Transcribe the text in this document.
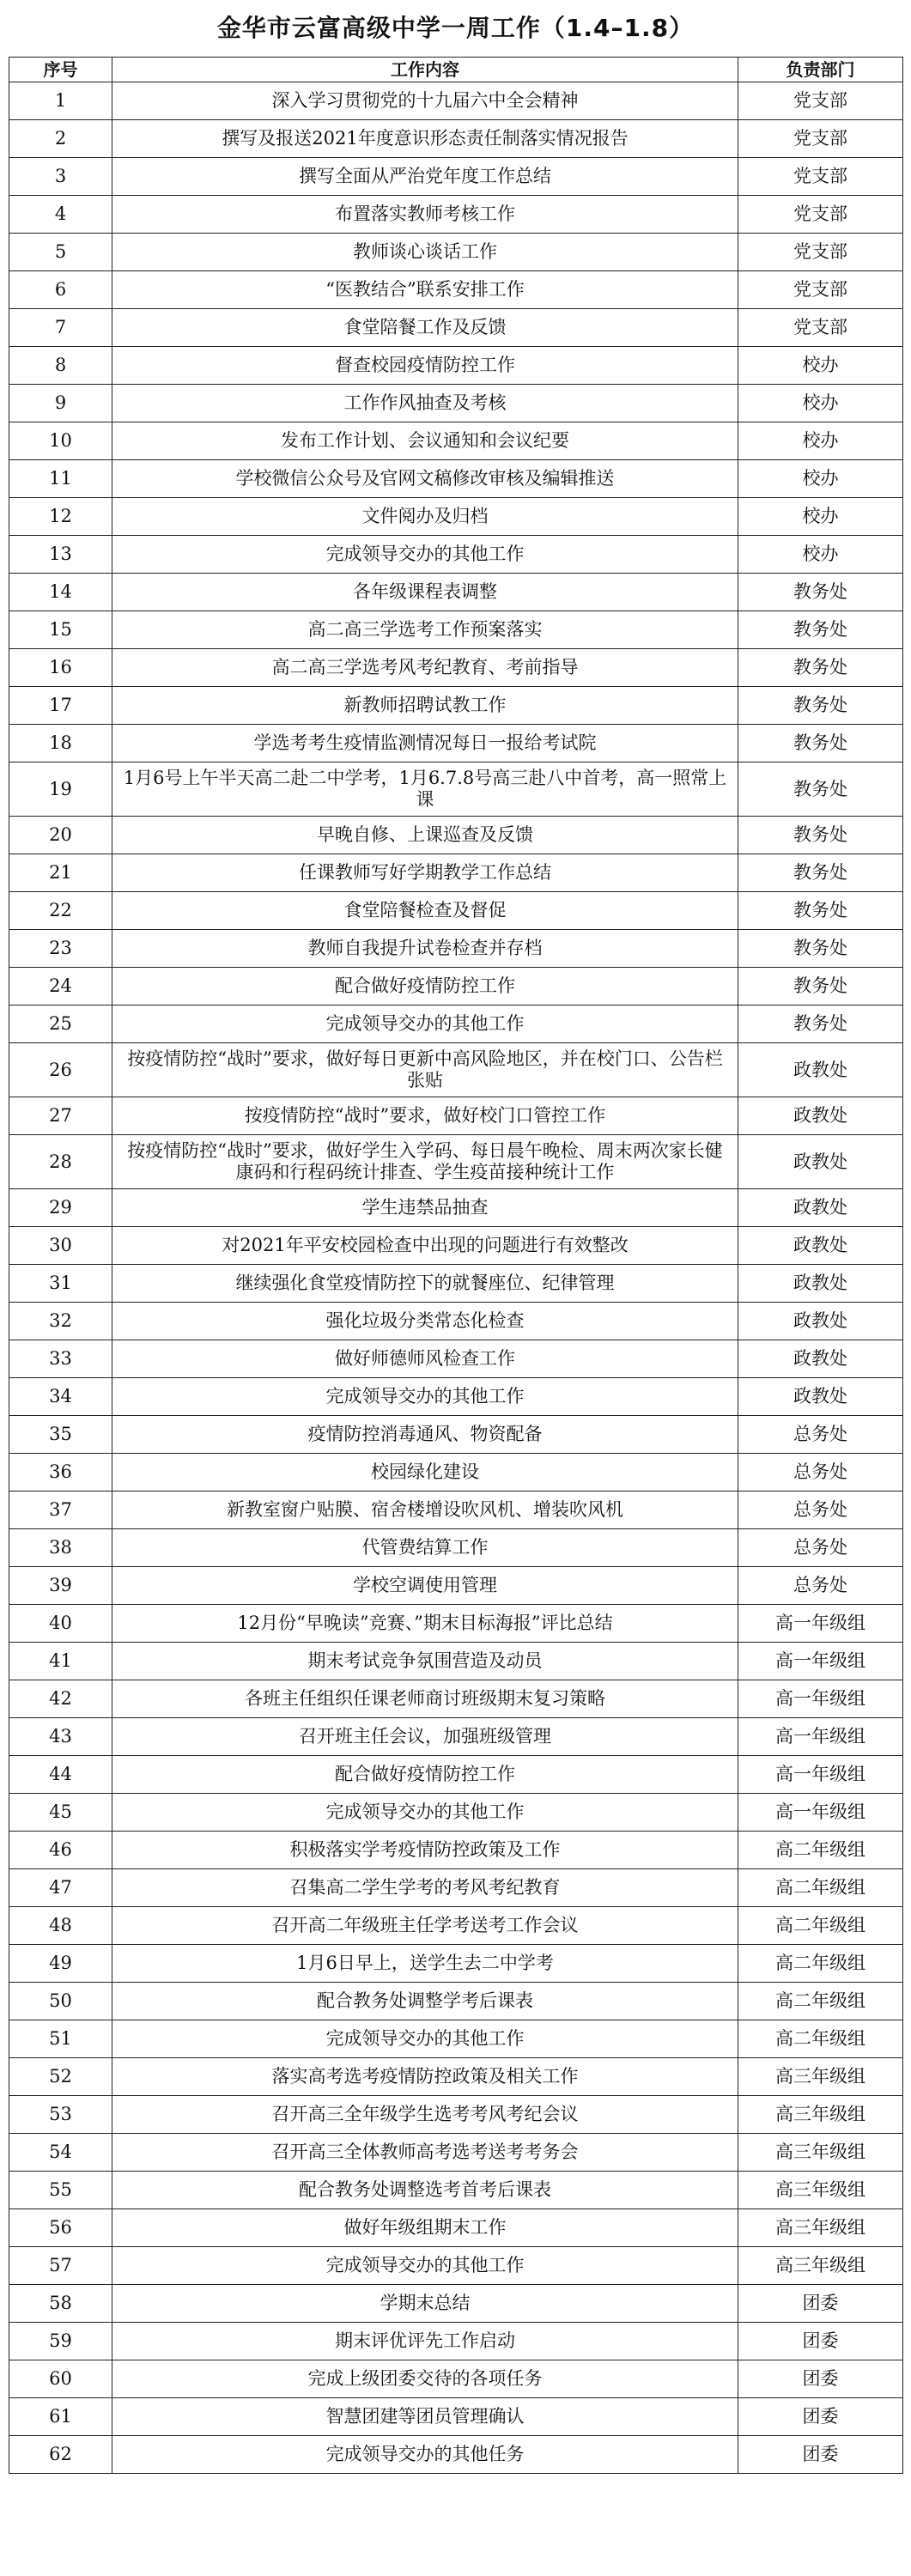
金华市云富高级中学一周工作（1.4–1.8）
序号	工作内容	负责部门
1	深入学习贯彻党的十九届六中全会精神	党支部
2	撰写及报送2021年度意识形态责任制落实情况报告	党支部
3	撰写全面从严治党年度工作总结	党支部
4	布置落实教师考核工作	党支部
5	教师谈心谈话工作	党支部
6	“医教结合”联系安排工作	党支部
7	食堂陪餐工作及反馈	党支部
8	督查校园疫情防控工作	校办
9	工作作风抽查及考核	校办
10	发布工作计划、会议通知和会议纪要	校办
11	学校微信公众号及官网文稿修改审核及编辑推送	校办
12	文件阅办及归档	校办
13	完成领导交办的其他工作	校办
14	各年级课程表调整	教务处
15	高二高三学选考工作预案落实	教务处
16	高二高三学选考风考纪教育、考前指导	教务处
17	新教师招聘试教工作	教务处
18	学选考考生疫情监测情况每日一报给考试院	教务处
19	1月6号上午半天高二赴二中学考，1月6.7.8号高三赴八中首考，高一照常上课	教务处
20	早晚自修、上课巡查及反馈	教务处
21	任课教师写好学期教学工作总结	教务处
22	食堂陪餐检查及督促	教务处
23	教师自我提升试卷检查并存档	教务处
24	配合做好疫情防控工作	教务处
25	完成领导交办的其他工作	教务处
26	按疫情防控“战时”要求，做好每日更新中高风险地区，并在校门口、公告栏张贴	政教处
27	按疫情防控“战时”要求，做好校门口管控工作	政教处
28	按疫情防控“战时”要求，做好学生入学码、每日晨午晚检、周末两次家长健康码和行程码统计排查、学生疫苗接种统计工作	政教处
29	学生违禁品抽查	政教处
30	对2021年平安校园检查中出现的问题进行有效整改	政教处
31	继续强化食堂疫情防控下的就餐座位、纪律管理	政教处
32	强化垃圾分类常态化检查	政教处
33	做好师德师风检查工作	政教处
34	完成领导交办的其他工作	政教处
35	疫情防控消毒通风、物资配备	总务处
36	校园绿化建设	总务处
37	新教室窗户贴膜、宿舍楼增设吹风机、增装吹风机	总务处
38	代管费结算工作	总务处
39	学校空调使用管理	总务处
40	12月份“早晚读”竞赛、”期末目标海报”评比总结	高一年级组
41	期末考试竞争氛围营造及动员	高一年级组
42	各班主任组织任课老师商讨班级期末复习策略	高一年级组
43	召开班主任会议，加强班级管理	高一年级组
44	配合做好疫情防控工作	高一年级组
45	完成领导交办的其他工作	高一年级组
46	积极落实学考疫情防控政策及工作	高二年级组
47	召集高二学生学考的考风考纪教育	高二年级组
48	召开高二年级班主任学考送考工作会议	高二年级组
49	1月6日早上，送学生去二中学考	高二年级组
50	配合教务处调整学考后课表	高二年级组
51	完成领导交办的其他工作	高二年级组
52	落实高考选考疫情防控政策及相关工作	高三年级组
53	召开高三全年级学生选考考风考纪会议	高三年级组
54	召开高三全体教师高考选考送考考务会	高三年级组
55	配合教务处调整选考首考后课表	高三年级组
56	做好年级组期末工作	高三年级组
57	完成领导交办的其他工作	高三年级组
58	学期末总结	团委
59	期末评优评先工作启动	团委
60	完成上级团委交待的各项任务	团委
61	智慧团建等团员管理确认	团委
62	完成领导交办的其他任务	团委
